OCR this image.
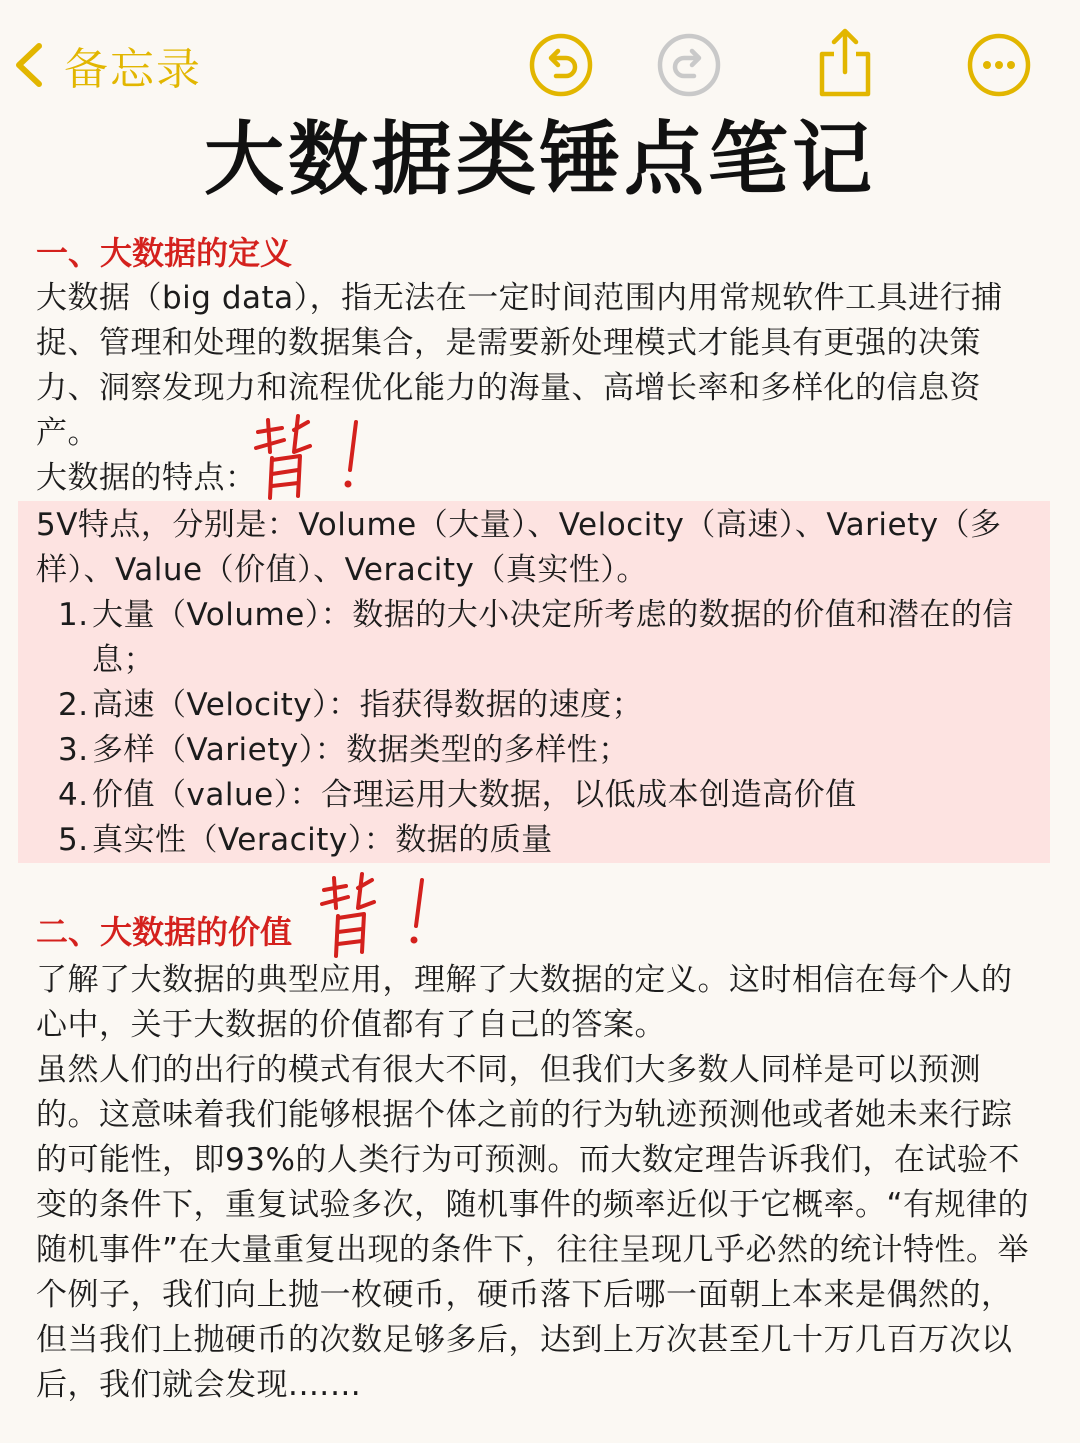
备忘录
大数据类锤点笔记
一、大数据的定义

大数据（big data），指无法在一定时间范围内用常规软件工具进行捕捉、管理和处理的数据集合，是需要新处理模式才能具有更强的决策力、洞察发现力和流程优化能力的海量、高增长率和多样化的信息资产。

大数据的特点：

5V特点，分别是：Volume（大量）、Velocity（高速）、Variety（多样）、Value（价值）、Veracity（真实性）。

1. 大量（Volume）：数据的大小决定所考虑的数据的价值和潜在的信息；
2. 高速（Velocity）：指获得数据的速度；
3. 多样（Variety）：数据类型的多样性；
4. 价值（value）：合理运用大数据，以低成本创造高价值
5. 真实性（Veracity）：数据的质量
二、大数据的价值

了解了大数据的典型应用，理解了大数据的定义。这时相信在每个人的心中，关于大数据的价值都有了自己的答案。

虽然人们的出行的模式有很大不同，但我们大多数人同样是可以预测的。这意味着我们能够根据个体之前的行为轨迹预测他或者她未来行踪的可能性，即93%的人类行为可预测。而大数定理告诉我们，在试验不变的条件下，重复试验多次，随机事件的频率近似于它概率。“有规律的随机事件”在大量重复出现的条件下，往往呈现几乎必然的统计特性。举个例子，我们向上抛一枚硬币，硬币落下后哪一面朝上本来是偶然的，但当我们上抛硬币的次数足够多后，达到上万次甚至几十万几百万次以后，我们就会发现.……
